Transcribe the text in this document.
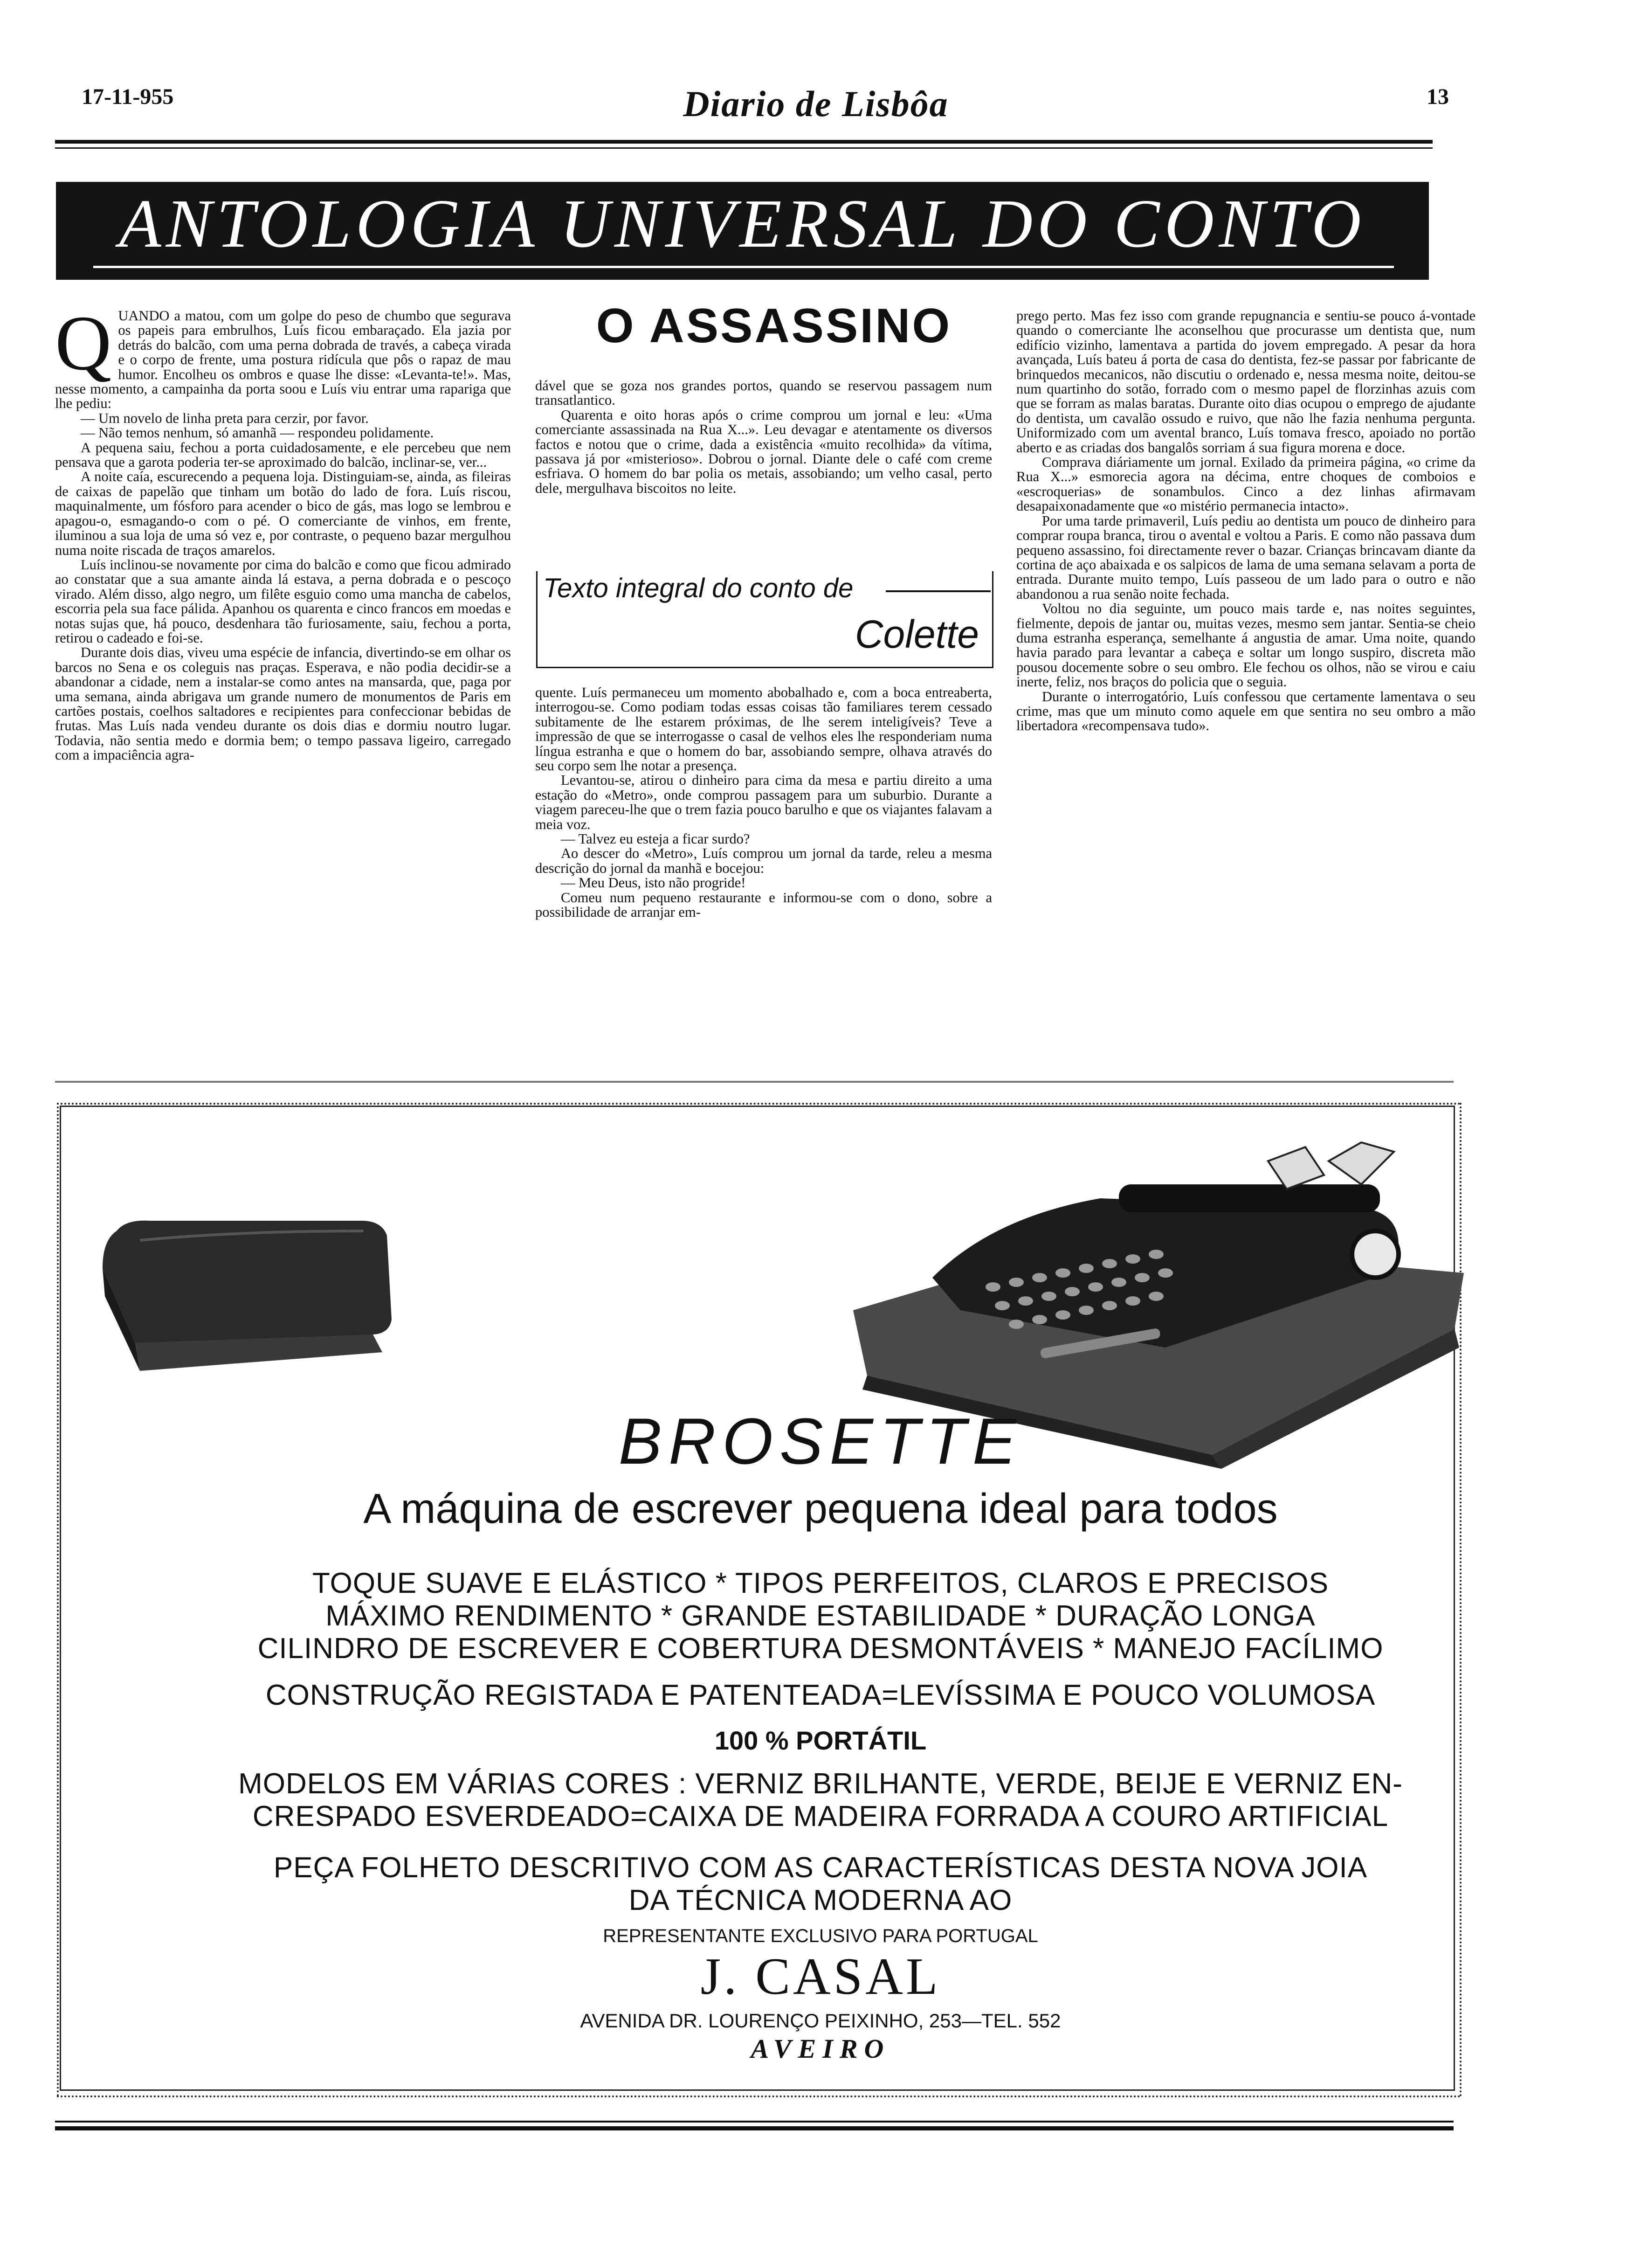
17-11-955	Diario de Lisbôa	13
ANTOLOGIA UNIVERSAL DO CONTO
O ASSASSINO
Q UANDO a matou, com um golpe do peso de chumbo que segurava os papeis para embrulhos, Luís ficou embaraçado. Ela jazia por detrás do balcão, com uma perna dobrada de través, a cabeça virada e o corpo de frente, uma postura ridícula que pôs o rapaz de mau humor. Encolheu os ombros e quase lhe disse: «Levanta-te!». Mas, nesse momento, a campainha da porta soou e Luís viu entrar uma rapariga que lhe pediu:

— Um novelo de linha preta para cerzir, por favor.

— Não temos nenhum, só amanhã — respondeu polidamente.

A pequena saiu, fechou a porta cuidadosamente, e ele percebeu que nem pensava que a garota poderia ter-se aproximado do balcão, inclinar-se, ver...

A noite caía, escurecendo a pequena loja. Distinguiam-se, ainda, as fileiras de caixas de papelão que tinham um botão do lado de fora. Luís riscou, maquinalmente, um fósforo para acender o bico de gás, mas logo se lembrou e apagou-o, esmagando-o com o pé. O comerciante de vinhos, em frente, iluminou a sua loja de uma só vez e, por contraste, o pequeno bazar mergulhou numa noite riscada de traços amarelos.

Luís inclinou-se novamente por cima do balcão e como que ficou admirado ao constatar que a sua amante ainda lá estava, a perna dobrada e o pescoço virado. Além disso, algo negro, um filête esguio como uma mancha de cabelos, escorria pela sua face pálida. Apanhou os quarenta e cinco francos em moedas e notas sujas que, há pouco, desdenhara tão furiosamente, saiu, fechou a porta, retirou o cadeado e foi-se.

Durante dois dias, viveu uma espécie de infancia, divertindo-se em olhar os barcos no Sena e os coleguis nas praças. Esperava, e não podia decidir-se a abandonar a cidade, nem a instalar-se como antes na mansarda, que, paga por uma semana, ainda abrigava um grande numero de monumentos de Paris em cartões postais, coelhos saltadores e recipientes para confeccionar bebidas de frutas. Mas Luís nada vendeu durante os dois dias e dormiu noutro lugar. Todavia, não sentia medo e dormia bem; o tempo passava ligeiro, carregado com a impaciência agra-

dável que se goza nos grandes portos, quando se reservou passagem num transatlantico.

Quarenta e oito horas após o crime comprou um jornal e leu: «Uma comerciante assassinada na Rua X...». Leu devagar e atentamente os diversos factos e notou que o crime, dada a existência «muito recolhida» da vítima, passava já por «misterioso». Dobrou o jornal. Diante dele o café com creme esfriava. O homem do bar polia os metais, assobiando; um velho casal, perto dele, mergulhava biscoitos no leite.

Texto integral do conto de
Colette

quente. Luís permaneceu um momento abobalhado e, com a boca entreaberta, interrogou-se. Como podiam todas essas coisas tão familiares terem cessado subitamente de lhe estarem próximas, de lhe serem inteligíveis? Teve a impressão de que se interrogasse o casal de velhos eles lhe responderiam numa língua estranha e que o homem do bar, assobiando sempre, olhava através do seu corpo sem lhe notar a presença.

Levantou-se, atirou o dinheiro para cima da mesa e partiu direito a uma estação do «Metro», onde comprou passagem para um suburbio. Durante a viagem pareceu-lhe que o trem fazia pouco barulho e que os viajantes falavam a meia voz.

— Talvez eu esteja a ficar surdo?

Ao descer do «Metro», Luís comprou um jornal da tarde, releu a mesma descrição do jornal da manhã e bocejou:

— Meu Deus, isto não progride!

Comeu num pequeno restaurante e informou-se com o dono, sobre a possibilidade de arranjar em-

prego perto. Mas fez isso com grande repugnancia e sentiu-se pouco á-vontade quando o comerciante lhe aconselhou que procurasse um dentista que, num edifício vizinho, lamentava a partida do jovem empregado. A pesar da hora avançada, Luís bateu á porta de casa do dentista, fez-se passar por fabricante de brinquedos mecanicos, não discutiu o ordenado e, nessa mesma noite, deitou-se num quartinho do sotão, forrado com o mesmo papel de florzinhas azuis com que se forram as malas baratas. Durante oito dias ocupou o emprego de ajudante do dentista, um cavalão ossudo e ruivo, que não lhe fazia nenhuma pergunta. Uniformizado com um avental branco, Luís tomava fresco, apoiado no portão aberto e as criadas dos bangalôs sorriam á sua figura morena e doce.

Comprava diáriamente um jornal. Exilado da primeira página, «o crime da Rua X...» esmorecia agora na décima, entre choques de comboios e «escroquerias» de sonambulos. Cinco a dez linhas afirmavam desapaixonadamente que «o mistério permanecia intacto».

Por uma tarde primaveril, Luís pediu ao dentista um pouco de dinheiro para comprar roupa branca, tirou o avental e voltou a Paris. E como não passava dum pequeno assassino, foi directamente rever o bazar. Crianças brincavam diante da cortina de aço abaixada e os salpicos de lama de uma semana selavam a porta de entrada. Durante muito tempo, Luís passeou de um lado para o outro e não abandonou a rua senão noite fechada.

Voltou no dia seguinte, um pouco mais tarde e, nas noites seguintes, fielmente, depois de jantar ou, muitas vezes, mesmo sem jantar. Sentia-se cheio duma estranha esperança, semelhante á angustia de amar. Uma noite, quando havia parado para levantar a cabeça e soltar um longo suspiro, discreta mão pousou docemente sobre o seu ombro. Ele fechou os olhos, não se virou e caiu inerte, feliz, nos braços do policia que o seguia.

Durante o interrogatório, Luís confessou que certamente lamentava o seu crime, mas que um minuto como aquele em que sentira no seu ombro a mão libertadora «recompensava tudo».

BROSETTE
A máquina de escrever pequena ideal para todos
TOQUE SUAVE E ELÁSTICO * TIPOS PERFEITOS, CLAROS E PRECISOS
MÁXIMO RENDIMENTO * GRANDE ESTABILIDADE * DURAÇÃO LONGA
CILINDRO DE ESCREVER E COBERTURA DESMONTÁVEIS * MANEJO FACÍLIMO
CONSTRUÇÃO REGISTADA E PATENTEADA=LEVÍSSIMA E POUCO VOLUMOSA
100 % PORTÁTIL
MODELOS EM VÁRIAS CORES : VERNIZ BRILHANTE, VERDE, BEIJE E VERNIZ EN-
CRESPADO ESVERDEADO=CAIXA DE MADEIRA FORRADA A COURO ARTIFICIAL
PEÇA FOLHETO DESCRITIVO COM AS CARACTERÍSTICAS DESTA NOVA JOIA
DA TÉCNICA MODERNA AO
REPRESENTANTE EXCLUSIVO PARA PORTUGAL
J. CASAL
AVENIDA DR. LOURENÇO PEIXINHO, 253—TEL. 552
AVEIRO
